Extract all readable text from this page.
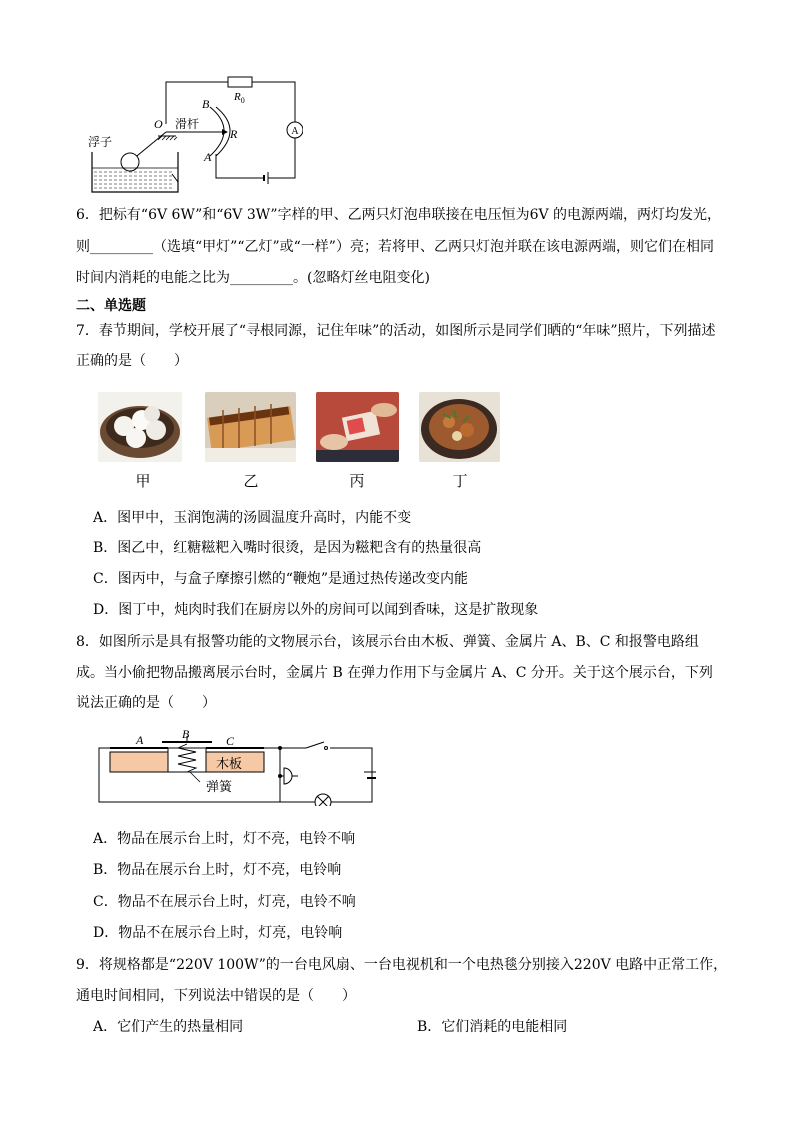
A
B
A
O
R
$R_0$
滑杆
浮子
6．把标有“6V 6W”和“6V 3W”字样的甲、乙两只灯泡串联接在电压恒为6V 的电源两端，两灯均发光，
则_________（选填“甲灯”“乙灯”或“一样”）亮；若将甲、乙两只灯泡并联在该电源两端，则它们在相同
时间内消耗的电能之比为_________。(忽略灯丝电阻变化)
二、单选题
7．春节期间，学校开展了“寻根同源，记住年味”的活动，如图所示是同学们晒的“年味”照片，下列描述
正确的是（　　）
甲	乙	丙	丁
A．图甲中，玉润饱满的汤圆温度升高时，内能不变
B．图乙中，红糖糍粑入嘴时很烫，是因为糍粑含有的热量很高
C．图丙中，与盒子摩擦引燃的“鞭炮”是通过热传递改变内能
D．图丁中，炖肉时我们在厨房以外的房间可以闻到香味，这是扩散现象
8．如图所示是具有报警功能的文物展示台，该展示台由木板、弹簧、金属片 A、B、C 和报警电路组
成。当小偷把物品搬离展示台时，金属片 B 在弹力作用下与金属片 A、C 分开。关于这个展示台，下列
说法正确的是（　　）
A	B	C
木板
弹簧
A．物品在展示台上时，灯不亮，电铃不响
B．物品在展示台上时，灯不亮，电铃响
C．物品不在展示台上时，灯亮，电铃不响
D．物品不在展示台上时，灯亮，电铃响
9．将规格都是“220V 100W”的一台电风扇、一台电视机和一个电热毯分别接入220V 电路中正常工作，
通电时间相同，下列说法中错误的是（　　）
A．它们产生的热量相同	B．它们消耗的电能相同
